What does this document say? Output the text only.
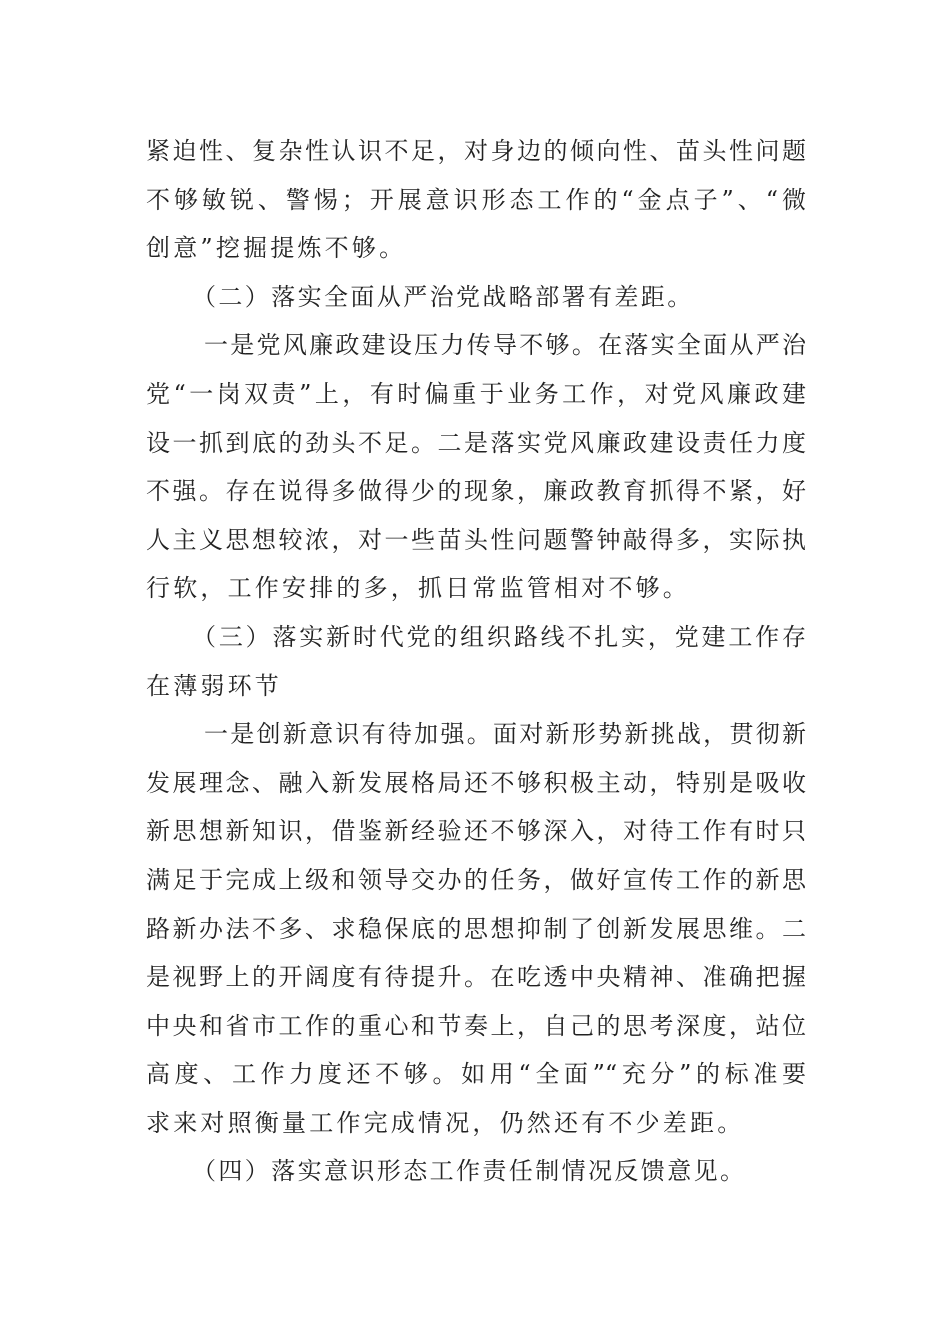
紧迫性、复杂性认识不足，对身边的倾向性、苗头性问题
不够敏锐、警惕；开展意识形态工作的“金点子”、“微
创意”挖掘提炼不够。
（二）落实全面从严治党战略部署有差距。
一是党风廉政建设压力传导不够。在落实全面从严治
党“一岗双责”上，有时偏重于业务工作，对党风廉政建
设一抓到底的劲头不足。二是落实党风廉政建设责任力度
不强。存在说得多做得少的现象，廉政教育抓得不紧，好
人主义思想较浓，对一些苗头性问题警钟敲得多，实际执
行软，工作安排的多，抓日常监管相对不够。
（三）落实新时代党的组织路线不扎实，党建工作存
在薄弱环节
一是创新意识有待加强。面对新形势新挑战，贯彻新
发展理念、融入新发展格局还不够积极主动，特别是吸收
新思想新知识，借鉴新经验还不够深入，对待工作有时只
满足于完成上级和领导交办的任务，做好宣传工作的新思
路新办法不多、求稳保底的思想抑制了创新发展思维。二
是视野上的开阔度有待提升。在吃透中央精神、准确把握
中央和省市工作的重心和节奏上，自己的思考深度，站位
高度、工作力度还不够。如用“全面”“充分”的标准要
求来对照衡量工作完成情况，仍然还有不少差距。
（四）落实意识形态工作责任制情况反馈意见。
